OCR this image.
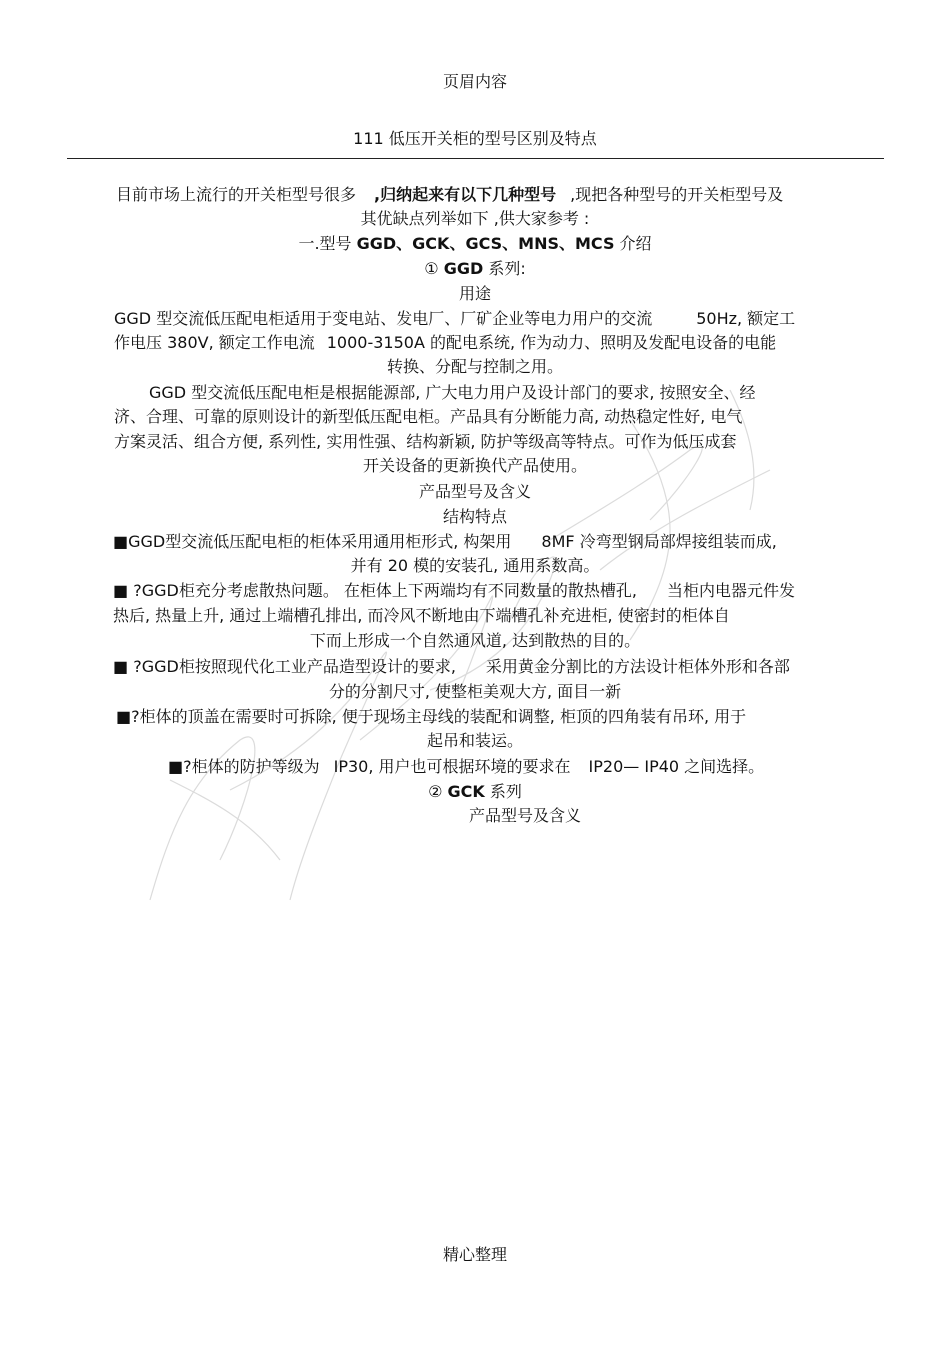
页眉内容
111 低压开关柜的型号区别及特点
目前市场上流行的开关柜型号很多 ,归纳起来有以下几种型号 ,现把各种型号的开关柜型号及
其优缺点列举如下 ,供大家参考 :
一.型号 GGD、GCK、GCS、MNS、MCS 介绍
① GGD 系列:
用途
GGD 型交流低压配电柜适用于变电站、发电厂、厂矿企业等电力用户的交流	50Hz, 额定工
作电压 380V, 额定工作电流 1000-3150A 的配电系统, 作为动力、照明及发配电设备的电能
转换、分配与控制之用。
GGD 型交流低压配电柜是根据能源部, 广大电力用户及设计部门的要求, 按照安全、经
济、合理、可靠的原则设计的新型低压配电柜。产品具有分断能力高, 动热稳定性好, 电气
方案灵活、组合方便, 系列性, 实用性强、结构新颖, 防护等级高等特点。可作为低压成套
开关设备的更新换代产品使用。
产品型号及含义
结构特点
■GGD型交流低压配电柜的柜体采用通用柜形式, 构架用 8MF 冷弯型钢局部焊接组装而成,
并有 20 模的安装孔, 通用系数高。
■ ?GGD柜充分考虑散热问题。 在柜体上下两端均有不同数量的散热槽孔, 当柜内电器元件发
热后, 热量上升, 通过上端槽孔排出, 而冷风不断地由下端槽孔补充进柜, 使密封的柜体自
下而上形成一个自然通风道, 达到散热的目的。
■ ?GGD柜按照现代化工业产品造型设计的要求, 采用黄金分割比的方法设计柜体外形和各部
分的分割尺寸, 使整柜美观大方, 面目一新
■?柜体的顶盖在需要时可拆除, 便于现场主母线的装配和调整, 柜顶的四角装有吊环, 用于
起吊和装运。
■?柜体的防护等级为 IP30, 用户也可根据环境的要求在 IP20— IP40 之间选择。
② GCK 系列
产品型号及含义
精心整理
